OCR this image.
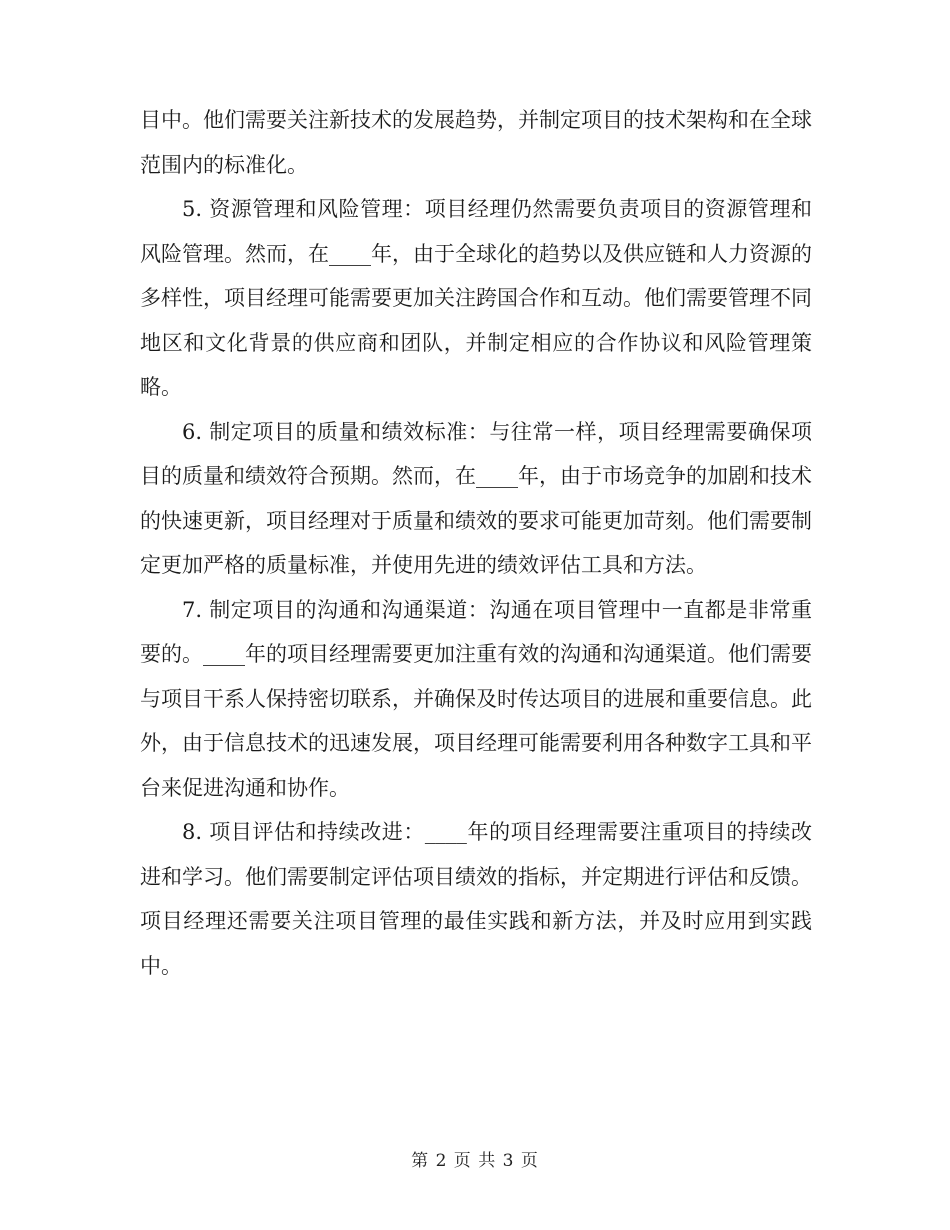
目中。他们需要关注新技术的发展趋势，并制定项目的技术架构和在全球范围内的标准化。

5. 资源管理和风险管理：项目经理仍然需要负责项目的资源管理和风险管理。然而，在____年，由于全球化的趋势以及供应链和人力资源的多样性，项目经理可能需要更加关注跨国合作和互动。他们需要管理不同地区和文化背景的供应商和团队，并制定相应的合作协议和风险管理策略。

6. 制定项目的质量和绩效标准：与往常一样，项目经理需要确保项目的质量和绩效符合预期。然而，在____年，由于市场竞争的加剧和技术的快速更新，项目经理对于质量和绩效的要求可能更加苛刻。他们需要制定更加严格的质量标准，并使用先进的绩效评估工具和方法。

7. 制定项目的沟通和沟通渠道：沟通在项目管理中一直都是非常重要的。____年的项目经理需要更加注重有效的沟通和沟通渠道。他们需要与项目干系人保持密切联系，并确保及时传达项目的进展和重要信息。此外，由于信息技术的迅速发展，项目经理可能需要利用各种数字工具和平台来促进沟通和协作。

8. 项目评估和持续改进：____年的项目经理需要注重项目的持续改进和学习。他们需要制定评估项目绩效的指标，并定期进行评估和反馈。项目经理还需要关注项目管理的最佳实践和新方法，并及时应用到实践中。

第 2 页 共 3 页
